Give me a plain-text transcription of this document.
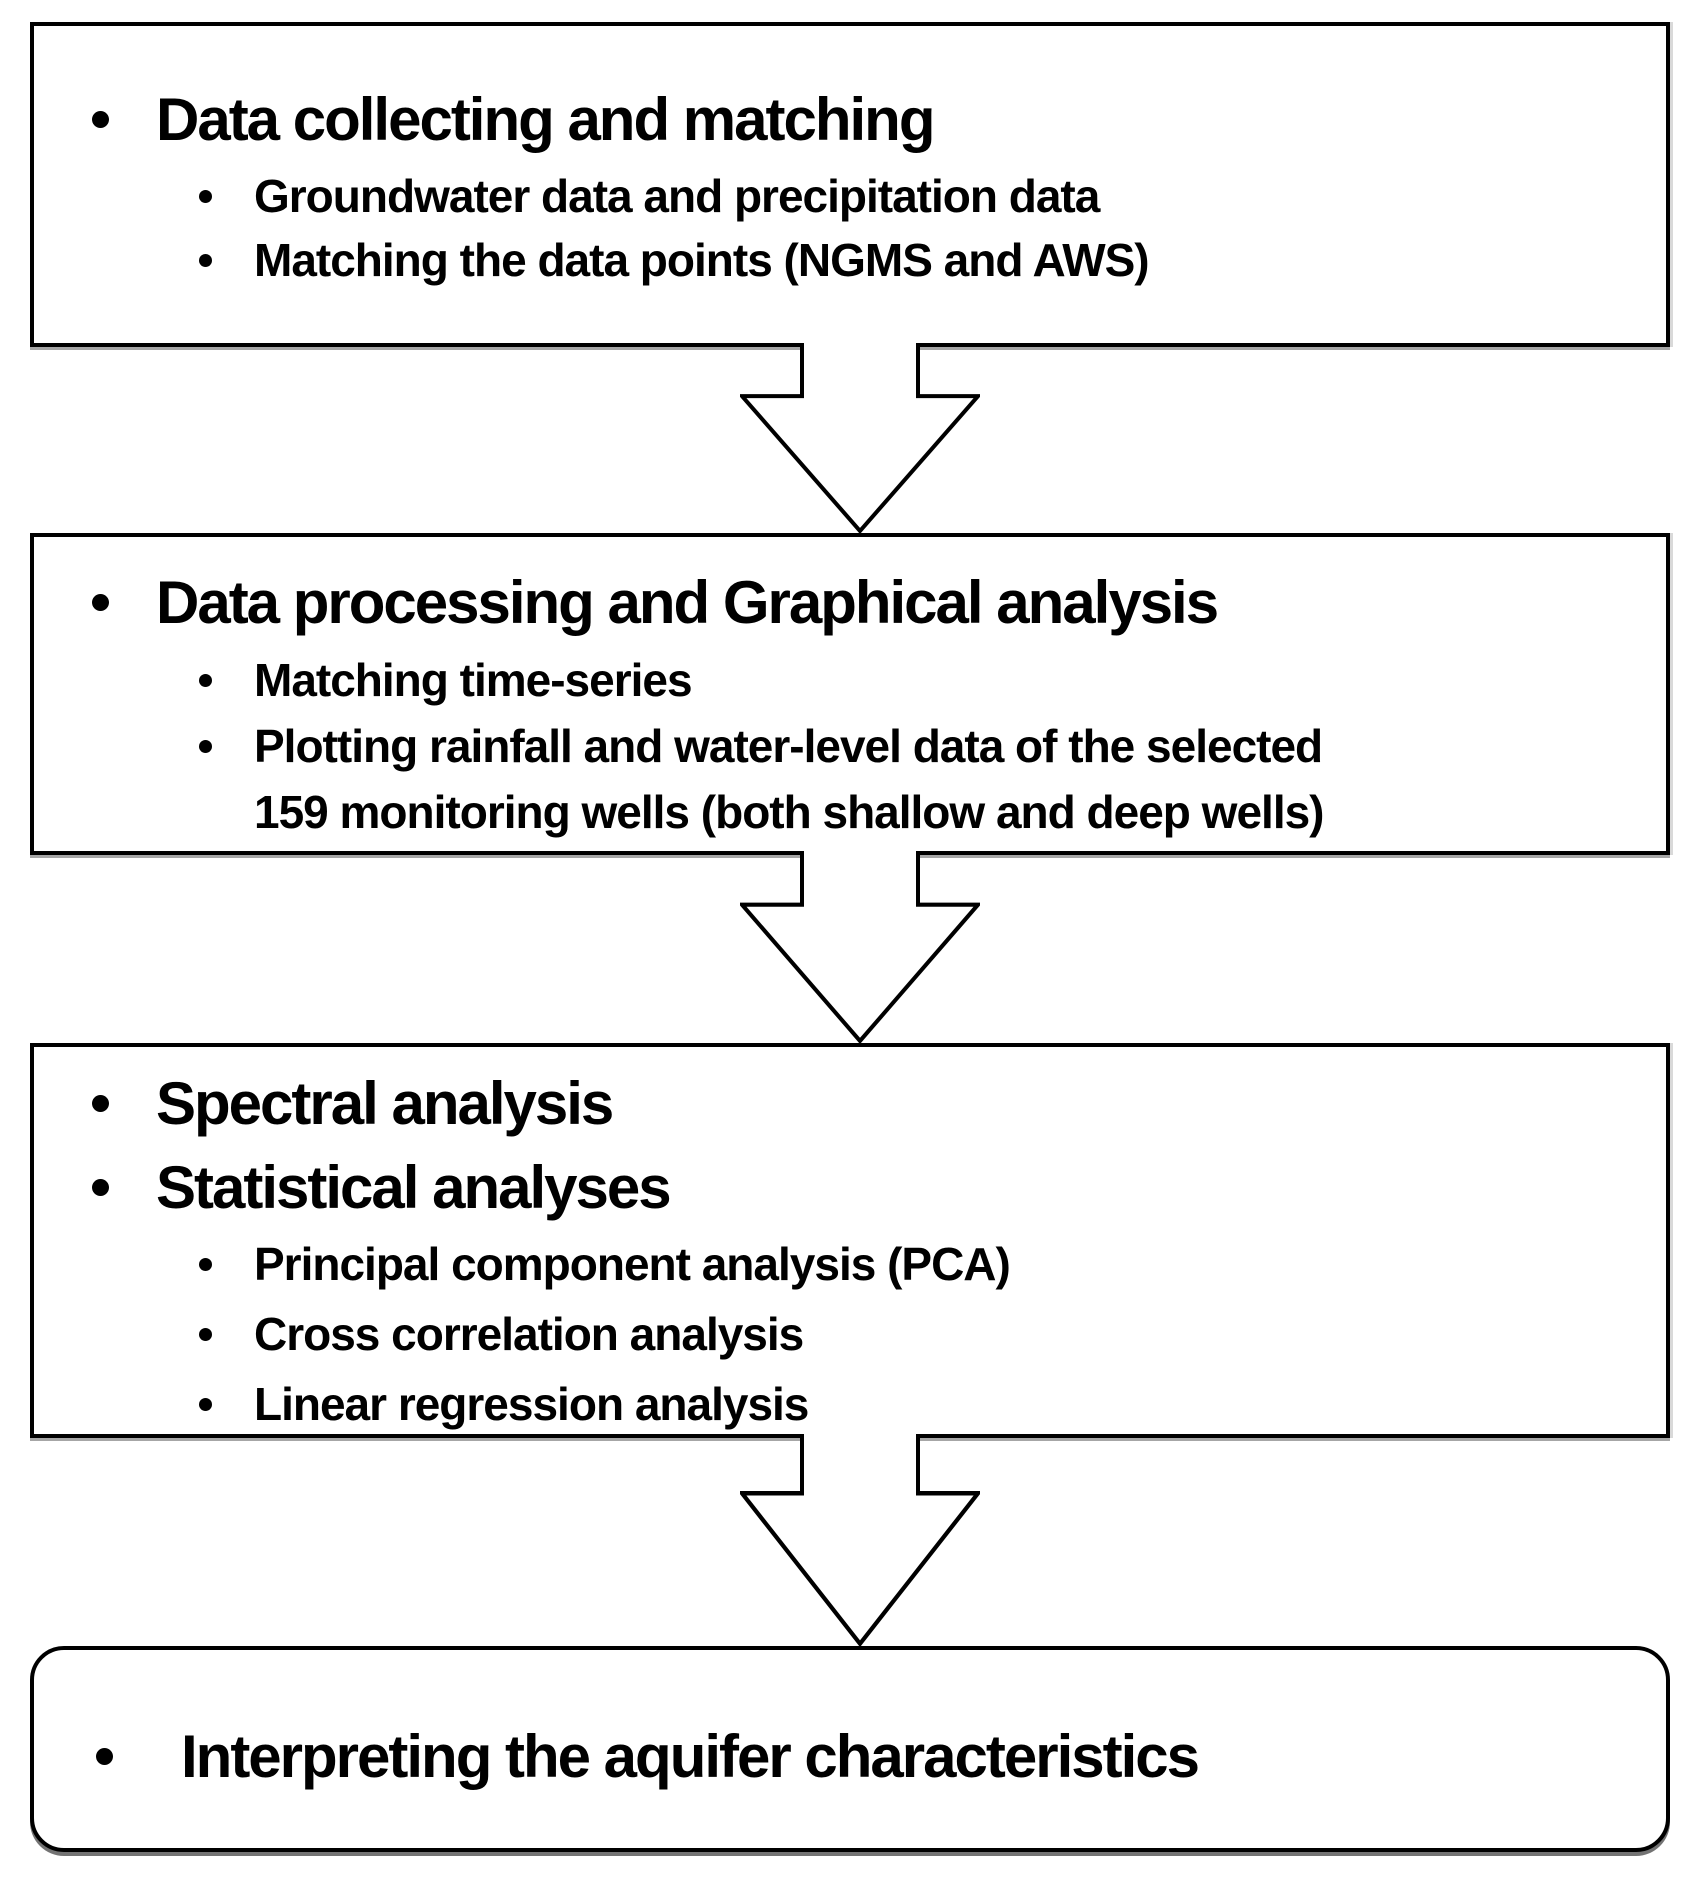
Data collecting and matching
Groundwater data and precipitation data
Matching the data points (NGMS and AWS)
Data processing and Graphical analysis
Matching time-series
Plotting rainfall and water-level data of the selected
159 monitoring wells (both shallow and deep wells)
Spectral analysis
Statistical analyses
Principal component analysis (PCA)
Cross correlation analysis
Linear regression analysis
Interpreting the aquifer characteristics
